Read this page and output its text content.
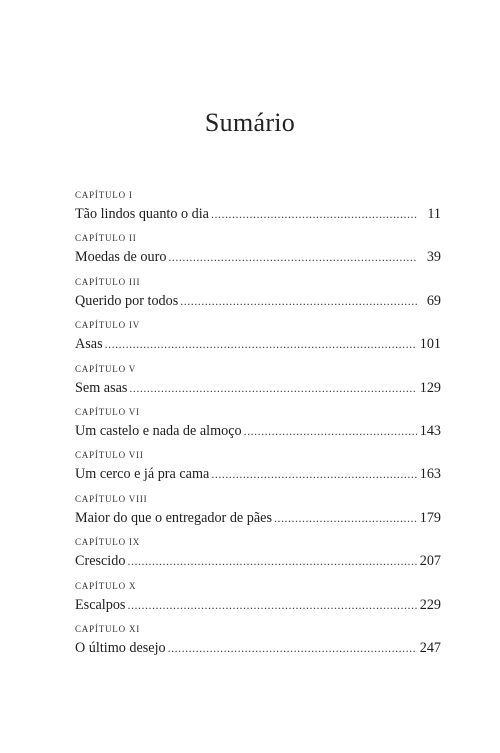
Sumário
CAPÍTULO I
Tão lindos quanto o dia .....	11
CAPÍTULO II
Moedas de ouro .....	39
CAPÍTULO III
Querido por todos .....	69
CAPÍTULO IV
Asas .....	101
CAPÍTULO V
Sem asas .....	129
CAPÍTULO VI
Um castelo e nada de almoço .....	143
CAPÍTULO VII
Um cerco e já pra cama .....	163
CAPÍTULO VIII
Maior do que o entregador de pães .....	179
CAPÍTULO IX
Crescido .....	207
CAPÍTULO X
Escalpos .....	229
CAPÍTULO XI
O último desejo .....	247
